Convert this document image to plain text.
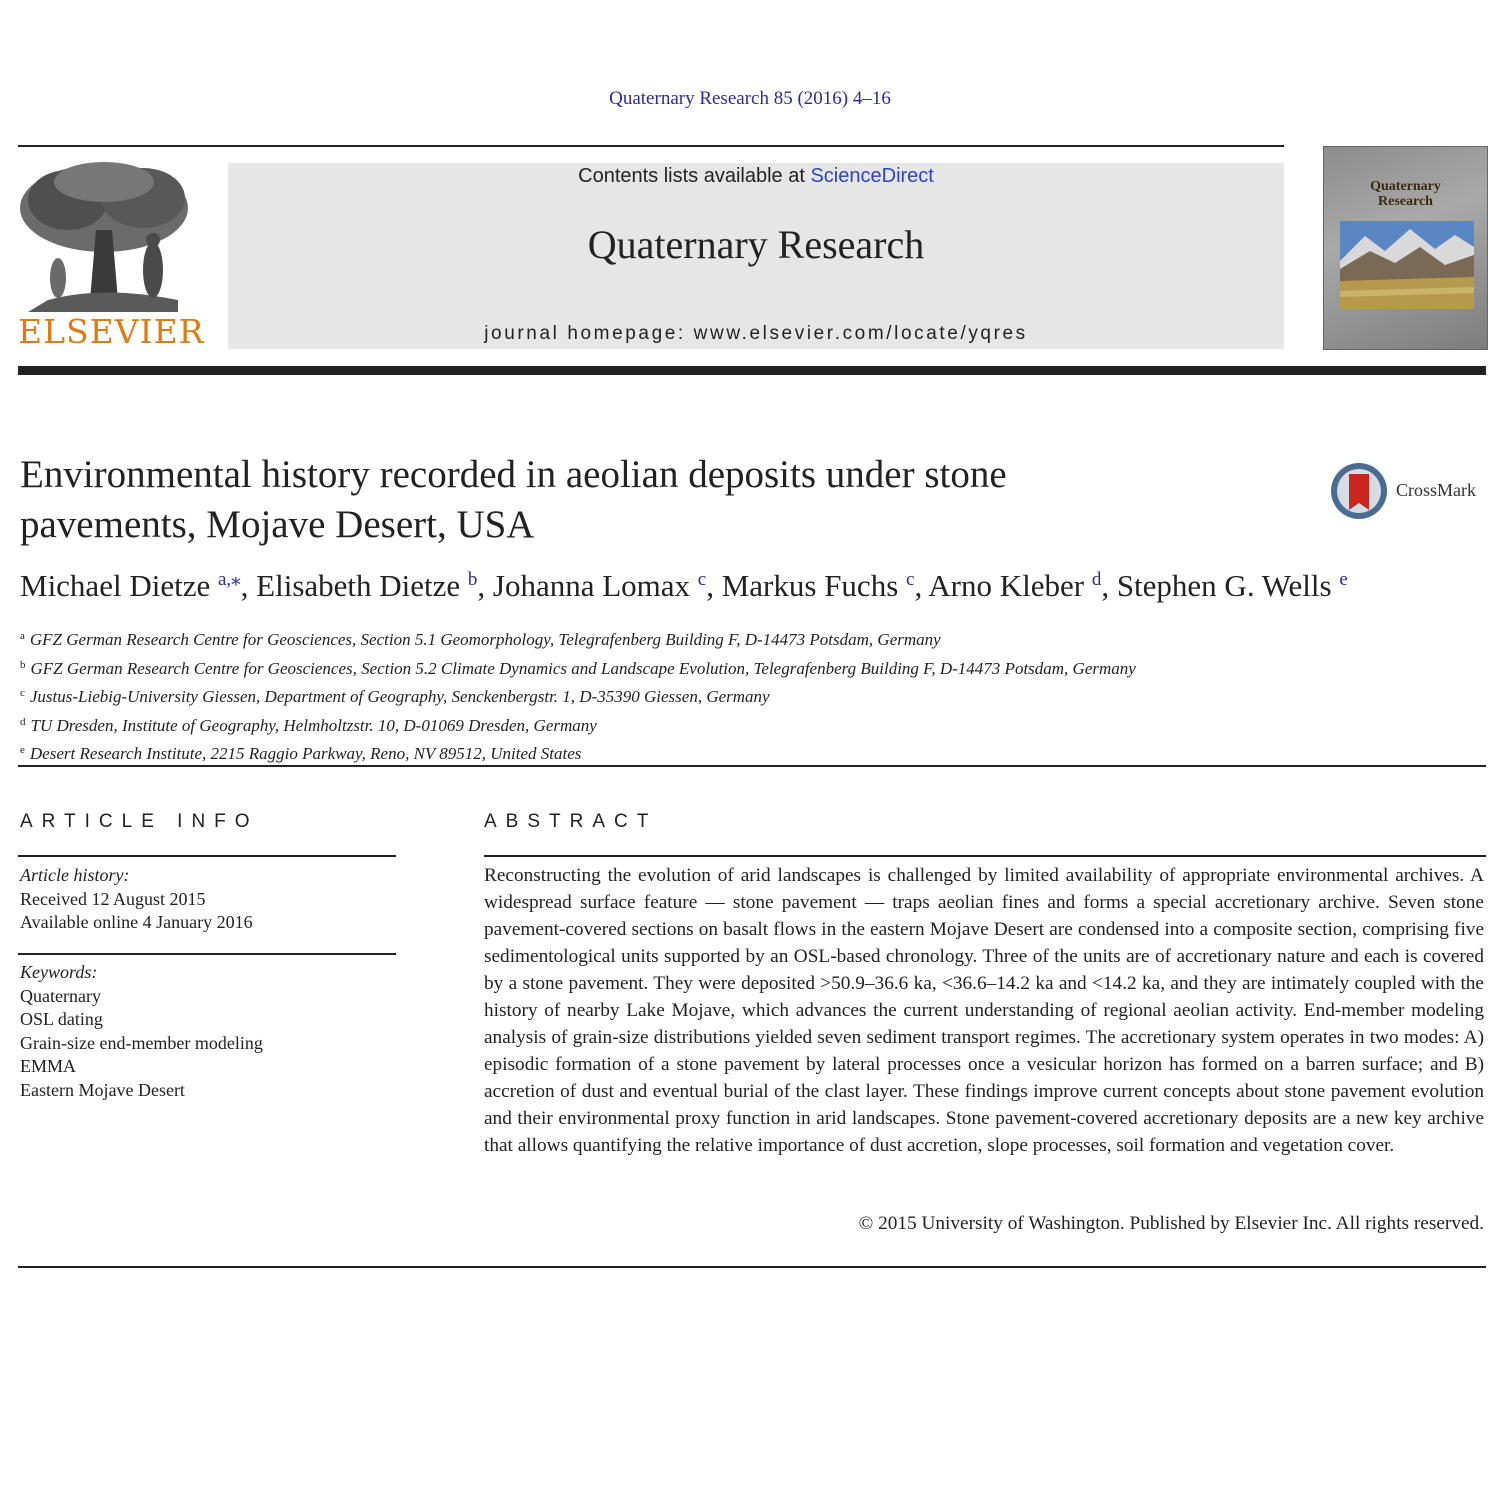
Quaternary Research 85 (2016) 4–16
ELSEVIER
Contents lists available at ScienceDirect
Quaternary Research
journal homepage: www.elsevier.com/locate/yqres
Quaternary
Research
Environmental history recorded in aeolian deposits under stone pavements, Mojave Desert, USA
CrossMark
Michael Dietze $^{a,⁎}$, Elisabeth Dietze $^b$, Johanna Lomax $^c$, Markus Fuchs $^c$, Arno Kleber $^d$, Stephen G. Wells $^e$
$^a$ GFZ German Research Centre for Geosciences, Section 5.1 Geomorphology, Telegrafenberg Building F, D-14473 Potsdam, Germany
$^b$ GFZ German Research Centre for Geosciences, Section 5.2 Climate Dynamics and Landscape Evolution, Telegrafenberg Building F, D-14473 Potsdam, Germany
$^c$ Justus-Liebig-University Giessen, Department of Geography, Senckenbergstr. 1, D-35390 Giessen, Germany
$^d$ TU Dresden, Institute of Geography, Helmholtzstr. 10, D-01069 Dresden, Germany
$^e$ Desert Research Institute, 2215 Raggio Parkway, Reno, NV 89512, United States
ARTICLE INFO
Article history:
Received 12 August 2015
Available online 4 January 2016
Keywords:
Quaternary
OSL dating
Grain-size end-member modeling
EMMA
Eastern Mojave Desert
ABSTRACT
Reconstructing the evolution of arid landscapes is challenged by limited availability of appropriate environmental archives. A widespread surface feature — stone pavement — traps aeolian fines and forms a special accretionary archive. Seven stone pavement-covered sections on basalt flows in the eastern Mojave Desert are condensed into a composite section, comprising five sedimentological units supported by an OSL-based chronology. Three of the units are of accretionary nature and each is covered by a stone pavement. They were deposited >50.9–36.6 ka, <36.6–14.2 ka and <14.2 ka, and they are intimately coupled with the history of nearby Lake Mojave, which advances the current understanding of regional aeolian activity. End-member modeling analysis of grain-size distributions yielded seven sediment transport regimes. The accretionary system operates in two modes: A) episodic formation of a stone pavement by lateral processes once a vesicular horizon has formed on a barren surface; and B) accretion of dust and eventual burial of the clast layer. These findings improve current concepts about stone pavement evolution and their environmental proxy function in arid landscapes. Stone pavement-covered accretionary deposits are a new key archive that allows quantifying the relative importance of dust accretion, slope processes, soil formation and vegetation cover.
© 2015 University of Washington. Published by Elsevier Inc. All rights reserved.
